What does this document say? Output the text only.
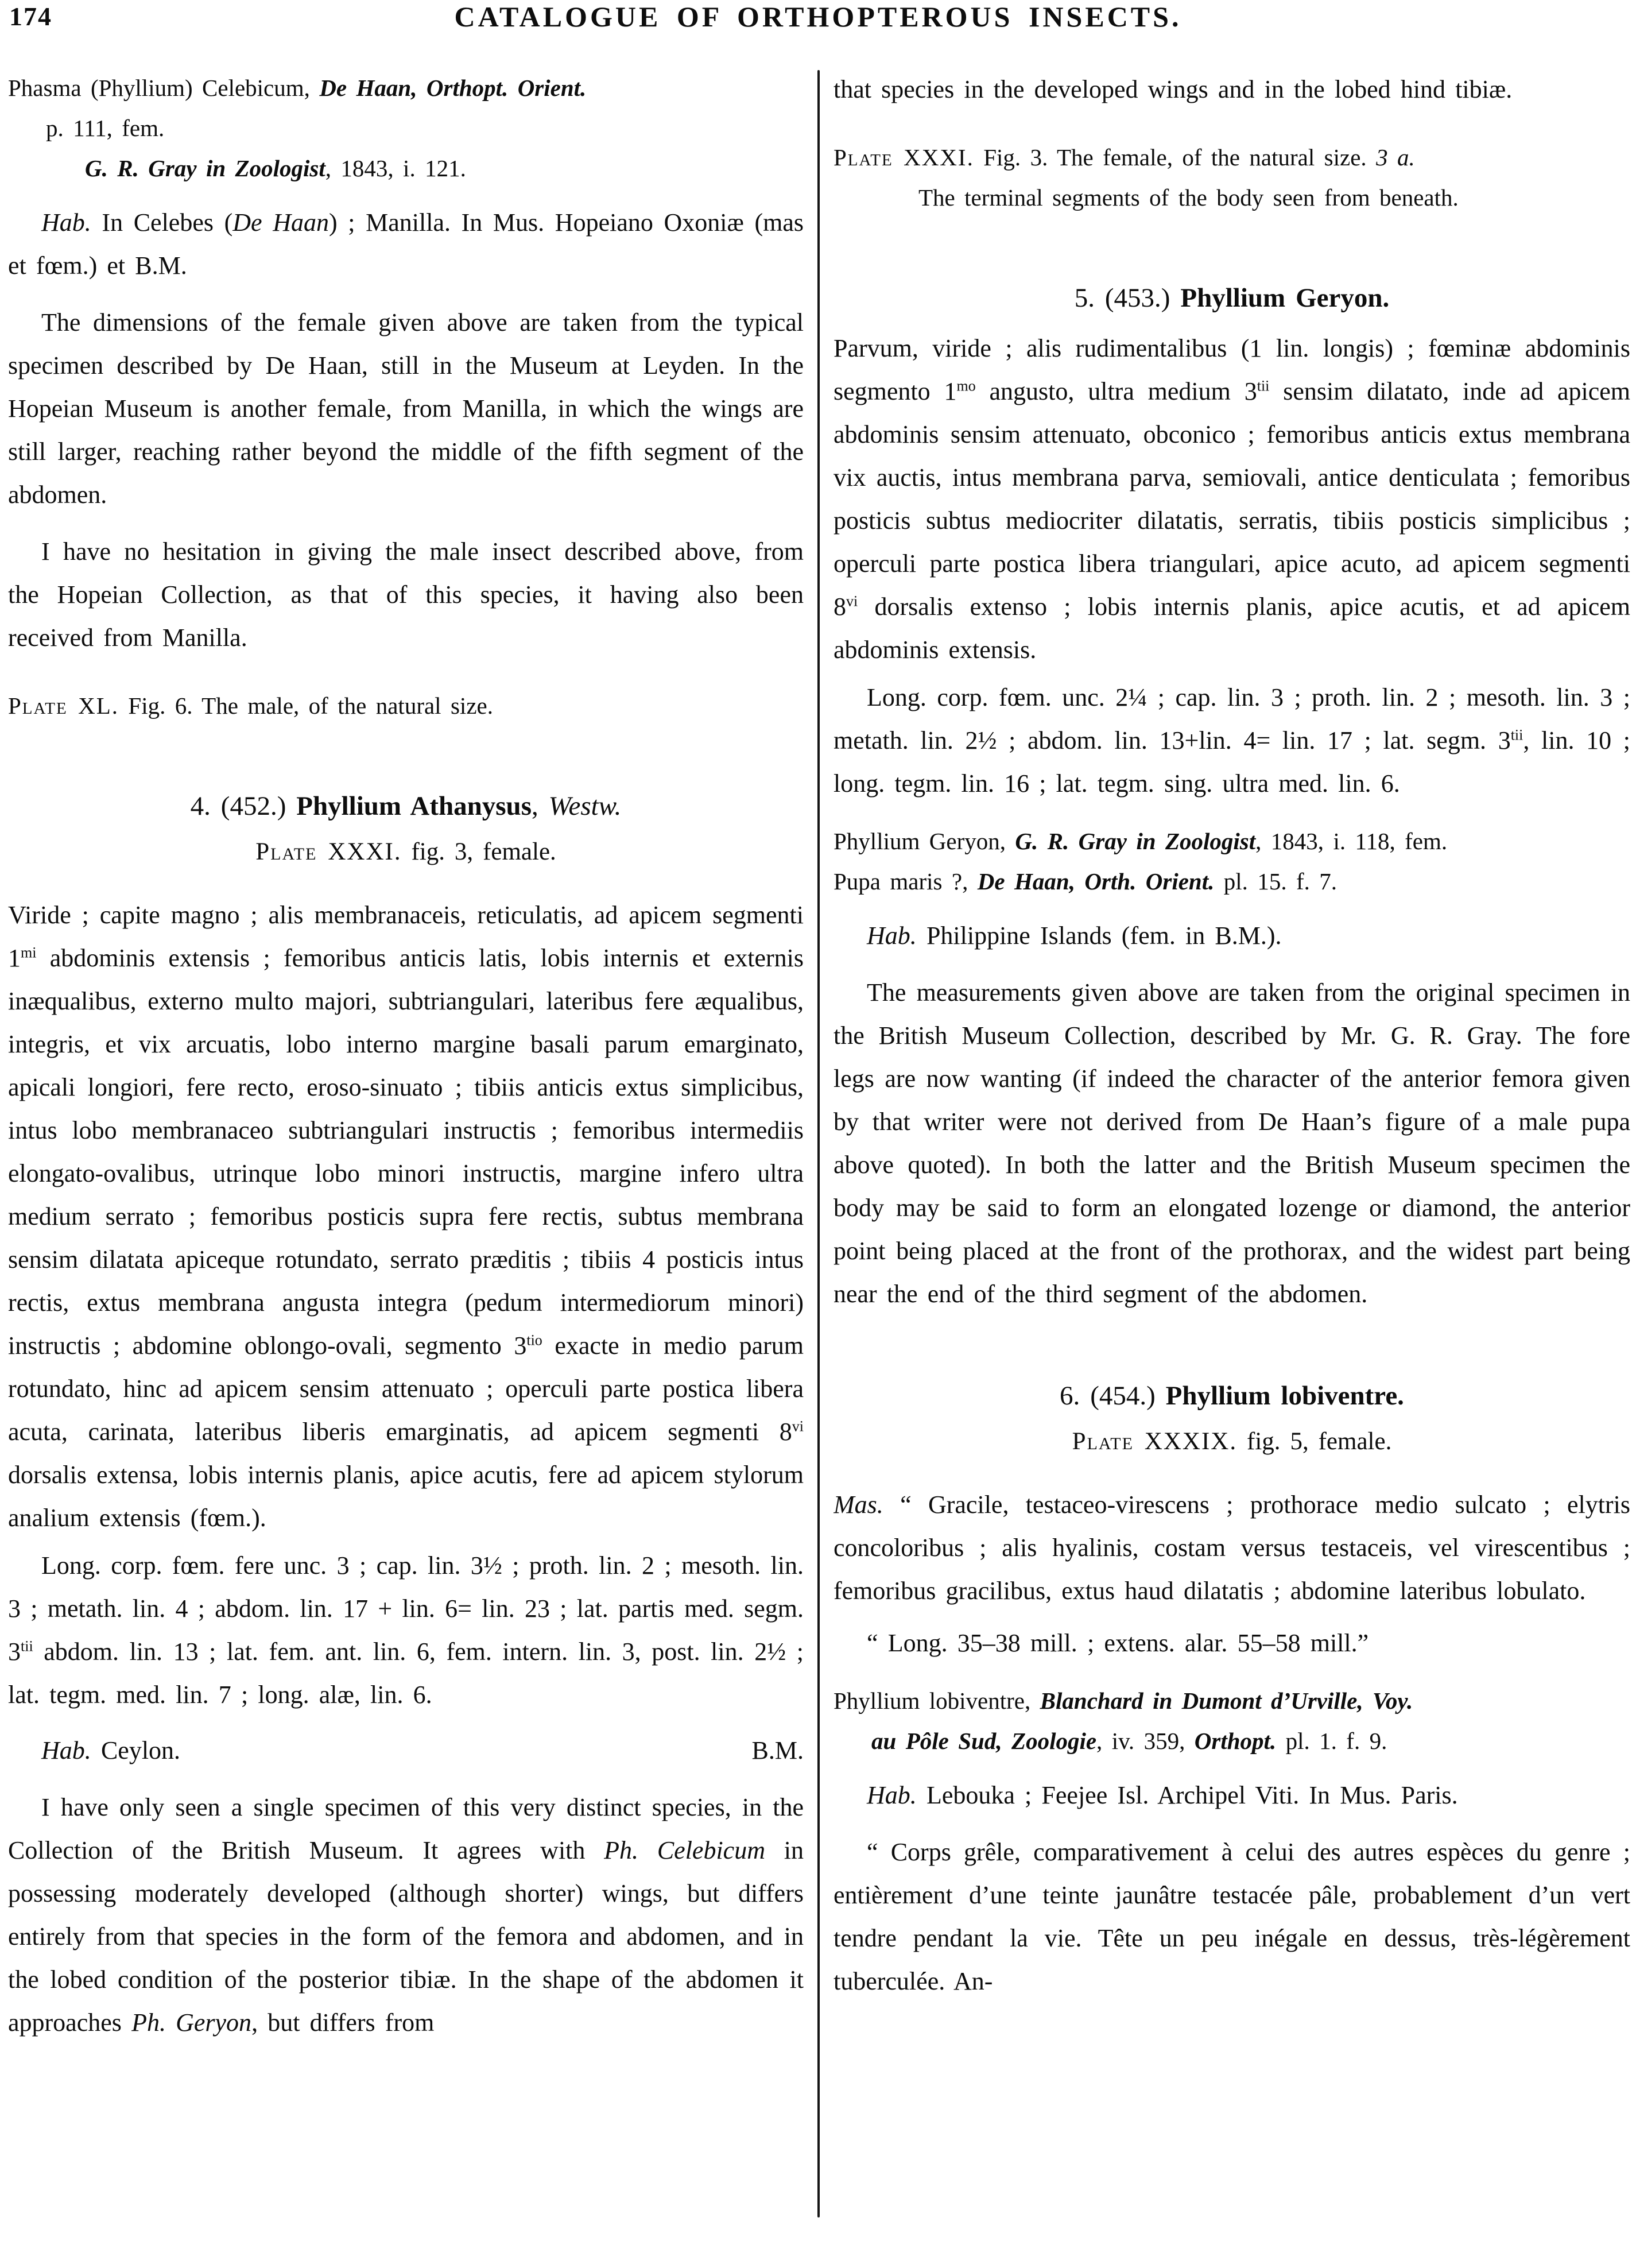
174	CATALOGUE OF ORTHOPTEROUS INSECTS.

Phasma (Phyllium) Celebicum, De Haan, Orthopt. Orient.
p. 111, fem.

G. R. Gray in Zoologist, 1843, i. 121.

Hab. In Celebes (De Haan) ; Manilla. In Mus. Hopeiano Oxoniæ (mas et fœm.) et B.M.

The dimensions of the female given above are taken from the typical specimen described by De Haan, still in the Museum at Leyden. In the Hopeian Museum is another female, from Manilla, in which the wings are still larger, reaching rather beyond the middle of the fifth segment of the abdomen.

I have no hesitation in giving the male insect described above, from the Hopeian Collection, as that of this species, it having also been received from Manilla.

Plate XL. Fig. 6. The male, of the natural size.

4. (452.) Phyllium Athanysus, Westw.

Plate XXXI. fig. 3, female.

Viride ; capite magno ; alis membranaceis, reticulatis, ad apicem segmenti $1^{mi}$ abdominis extensis ; femoribus anticis latis, lobis internis et externis inæqualibus, externo multo majori, subtriangulari, lateribus fere æqualibus, integris, et vix arcuatis, lobo interno margine basali parum emarginato, apicali longiori, fere recto, eroso-sinuato ; tibiis anticis extus simplicibus, intus lobo membranaceo subtriangulari instructis ; femoribus intermediis elongato-ovalibus, utrinque lobo minori instructis, margine infero ultra medium serrato ; femoribus posticis supra fere rectis, subtus membrana sensim dilatata apiceque rotundato, serrato præditis ; tibiis 4 posticis intus rectis, extus membrana angusta integra (pedum intermediorum minori) instructis ; abdomine oblongo-ovali, segmento $3^{tio}$ exacte in medio parum rotundato, hinc ad apicem sensim attenuato ; operculi parte postica libera acuta, carinata, lateribus liberis emarginatis, ad apicem segmenti 8$^{vi}$ dorsalis extensa, lobis internis planis, apice acutis, fere ad apicem stylorum analium extensis (fœm.).

Long. corp. fœm. fere unc. 3 ; cap. lin. 3½ ; proth. lin. 2 ; mesoth. lin. 3 ; metath. lin. 4 ; abdom. lin. 17 + lin. 6= lin. 23 ; lat. partis med. segm. $3^{tii}$ abdom. lin. 13 ; lat. fem. ant. lin. 6, fem. intern. lin. 3, post. lin. 2½ ; lat. tegm. med. lin. 7 ; long. alæ, lin. 6.

Hab. Ceylon.	B.M.

I have only seen a single specimen of this very distinct species, in the Collection of the British Museum. It agrees with Ph. Celebicum in possessing moderately developed (although shorter) wings, but differs entirely from that species in the form of the femora and abdomen, and in the lobed condition of the posterior tibiæ. In the shape of the abdomen it approaches Ph. Geryon, but differs from

that species in the developed wings and in the lobed hind tibiæ.

Plate XXXI. Fig. 3. The female, of the natural size. 3 a.
The terminal segments of the body seen from beneath.

5. (453.) Phyllium Geryon.

Parvum, viride ; alis rudimentalibus (1 lin. longis) ; fœminæ abdominis segmento $1^{mo}$ angusto, ultra medium $3^{tii}$ sensim dilatato, inde ad apicem abdominis sensim attenuato, obconico ; femoribus anticis extus membrana vix auctis, intus membrana parva, semiovali, antice denticulata ; femoribus posticis subtus mediocriter dilatatis, serratis, tibiis posticis simplicibus ; operculi parte postica libera triangulari, apice acuto, ad apicem segmenti 8$^{vi}$ dorsalis extenso ; lobis internis planis, apice acutis, et ad apicem abdominis extensis.

Long. corp. fœm. unc. 2¼ ; cap. lin. 3 ; proth. lin. 2 ; mesoth. lin. 3 ; metath. lin. 2½ ; abdom. lin. 13+lin. 4= lin. 17 ; lat. segm. $3^{tii}$, lin. 10 ; long. tegm. lin. 16 ; lat. tegm. sing. ultra med. lin. 6.

Phyllium Geryon, G. R. Gray in Zoologist, 1843, i. 118, fem.

Pupa maris ?, De Haan, Orth. Orient. pl. 15. f. 7.

Hab. Philippine Islands (fem. in B.M.).

The measurements given above are taken from the original specimen in the British Museum Collection, described by Mr. G. R. Gray. The fore legs are now wanting (if indeed the character of the anterior femora given by that writer were not derived from De Haan’s figure of a male pupa above quoted). In both the latter and the British Museum specimen the body may be said to form an elongated lozenge or diamond, the anterior point being placed at the front of the prothorax, and the widest part being near the end of the third segment of the abdomen.

6. (454.) Phyllium lobiventre.

Plate XXXIX. fig. 5, female.

Mas. “ Gracile, testaceo-virescens ; prothorace medio sulcato ; elytris concoloribus ; alis hyalinis, costam versus testaceis, vel virescentibus ; femoribus gracilibus, extus haud dilatatis ; abdomine lateribus lobulato.

“ Long. 35–38 mill. ; extens. alar. 55–58 mill.”

Phyllium lobiventre, Blanchard in Dumont d’Urville, Voy.
au Pôle Sud, Zoologie, iv. 359, Orthopt. pl. 1. f. 9.

Hab. Lebouka ; Feejee Isl. Archipel Viti. In Mus. Paris.

“ Corps grêle, comparativement à celui des autres espèces du genre ; entièrement d’une teinte jaunâtre testacée pâle, probablement d’un vert tendre pendant la vie. Tête un peu inégale en dessus, très-légèrement tuberculée. An-
